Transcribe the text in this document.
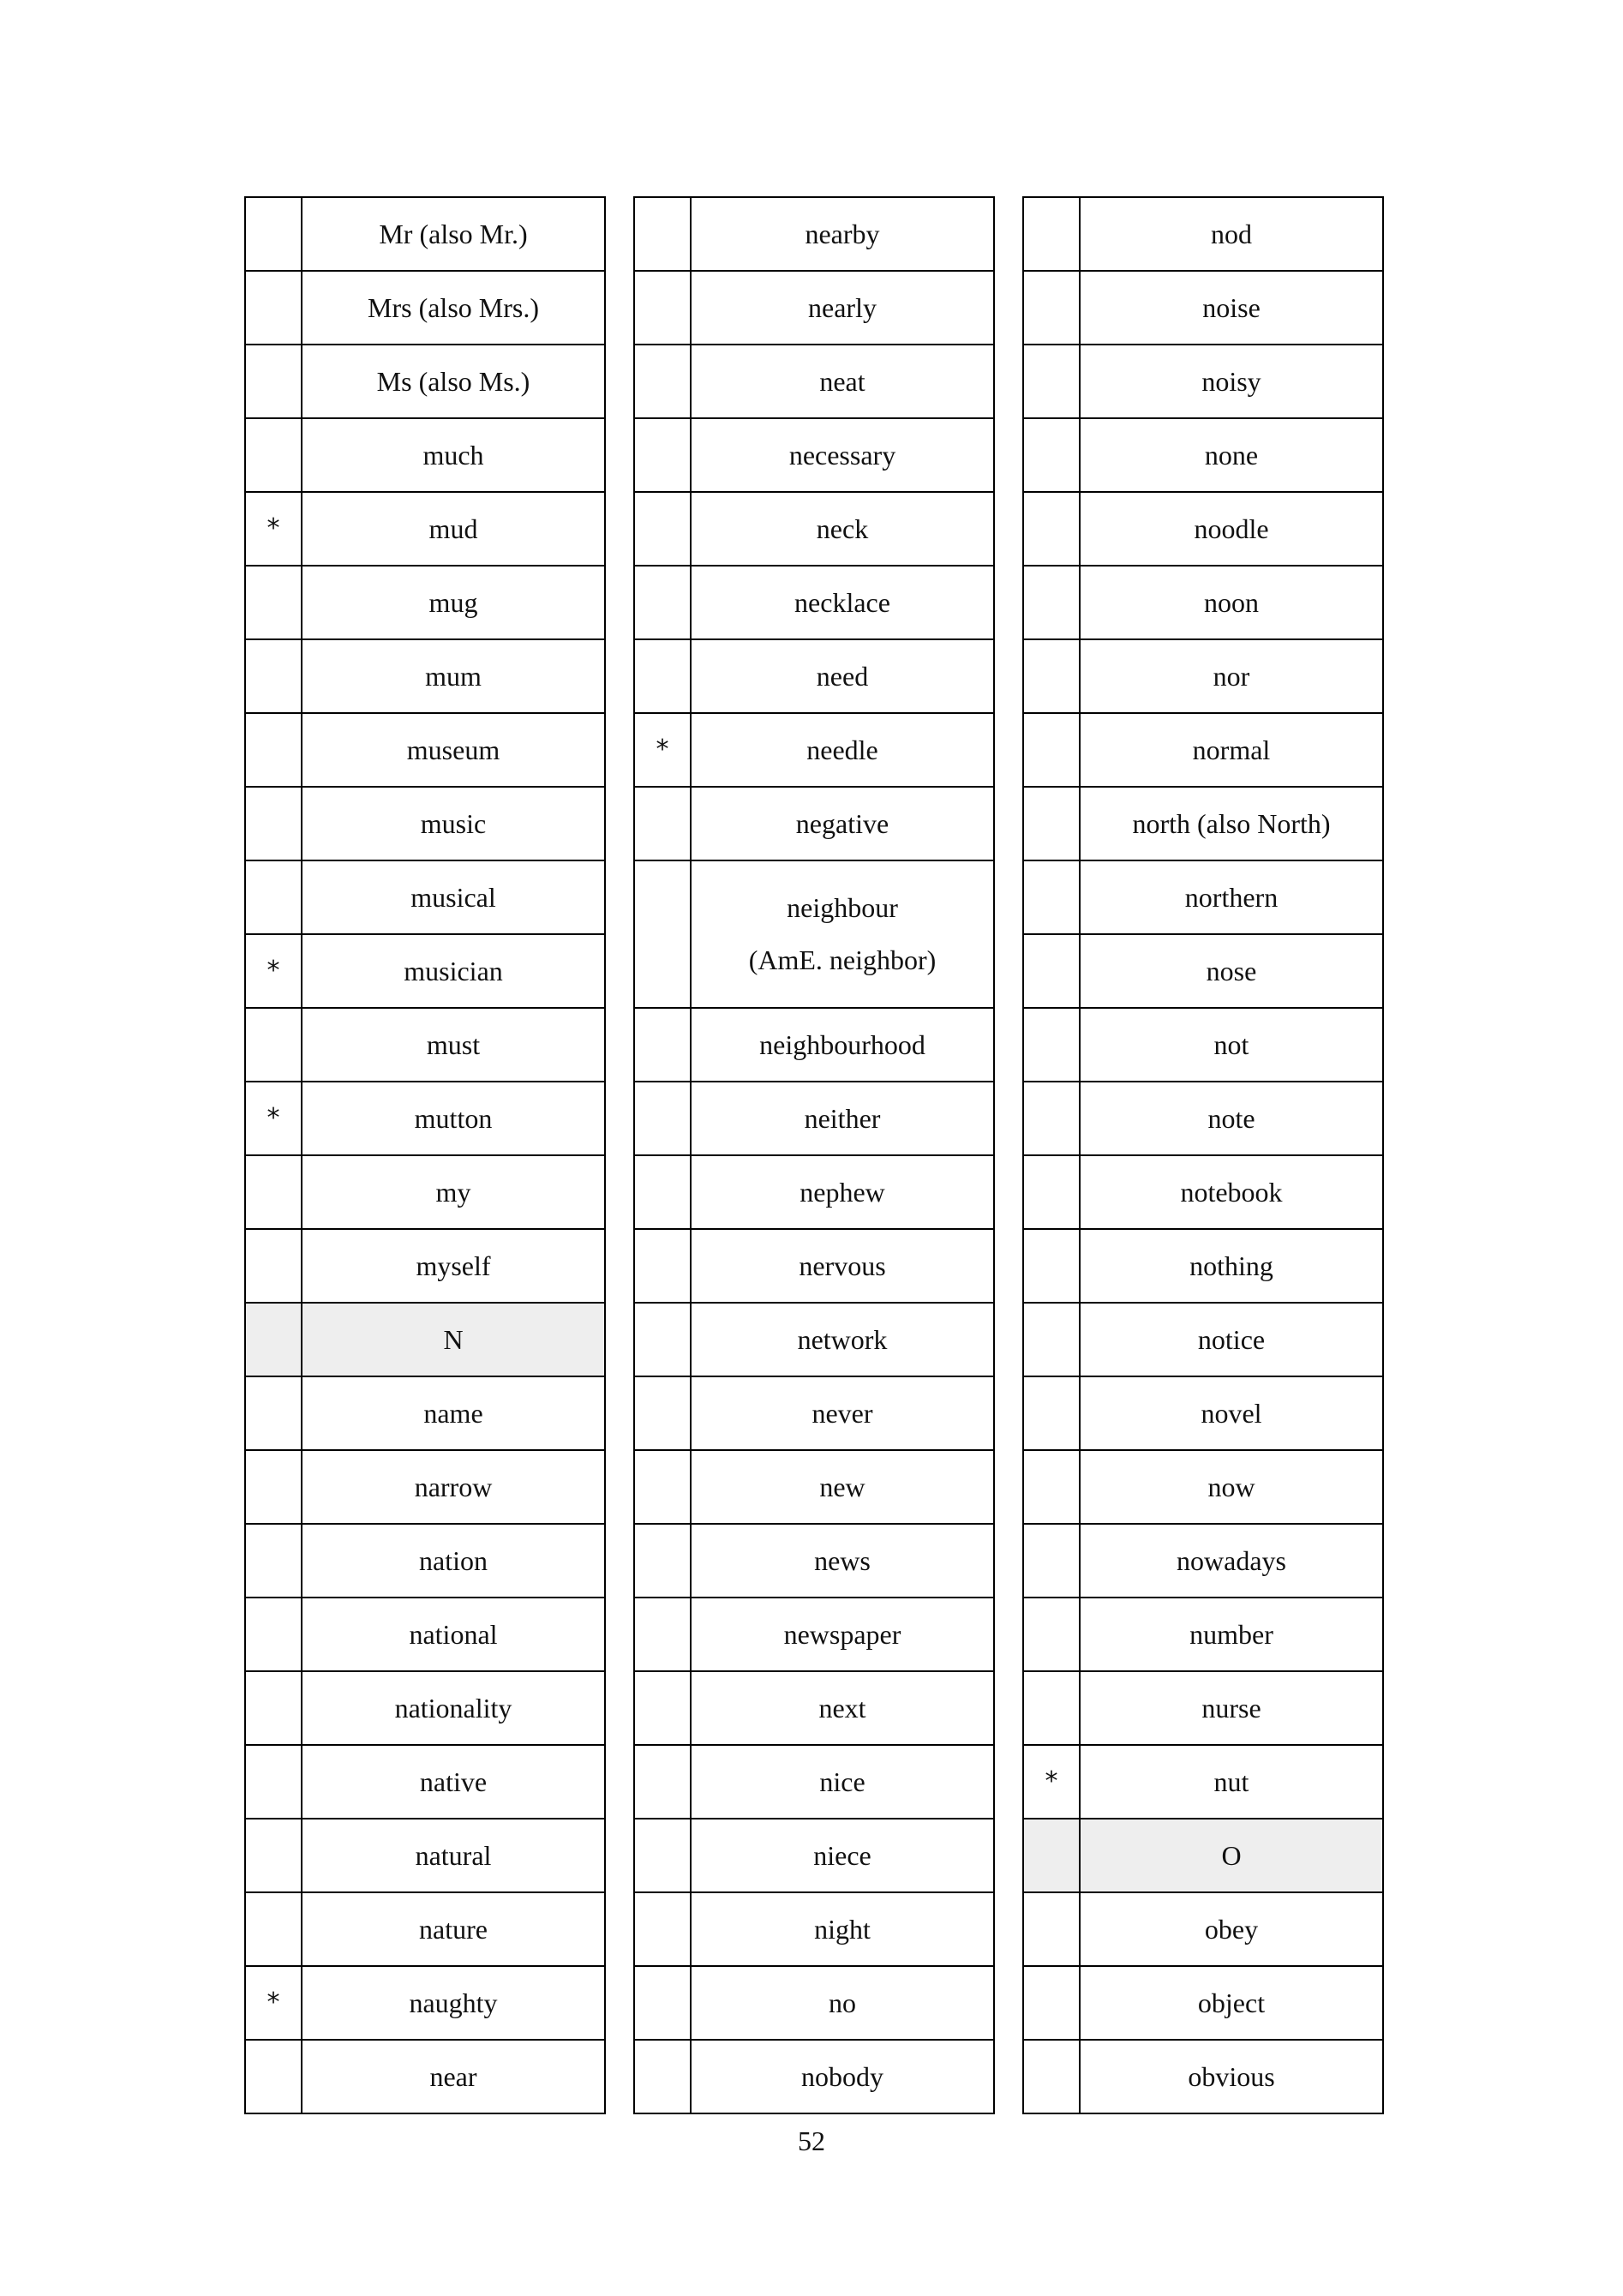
	Mr (also Mr.)
	Mrs (also Mrs.)
	Ms (also Ms.)
	much
*	mud
	mug
	mum
	museum
	music
	musical
*	musician
	must
*	mutton
	my
	myself
	N
	name
	narrow
	nation
	national
	nationality
	native
	natural
	nature
*	naughty
	near
	nearby
	nearly
	neat
	necessary
	neck
	necklace
	need
*	needle
	negative

	neighbour
(AmE. neighbor)

	neighbourhood
	neither
	nephew
	nervous
	network
	never
	new
	news
	newspaper
	next
	nice
	niece
	night
	no
	nobody
	nod
	noise
	noisy
	none
	noodle
	noon
	nor
	normal
	north (also North)
	northern
	nose
	not
	note
	notebook
	nothing
	notice
	novel
	now
	nowadays
	number
	nurse
*	nut
	O
	obey
	object
	obvious
52
